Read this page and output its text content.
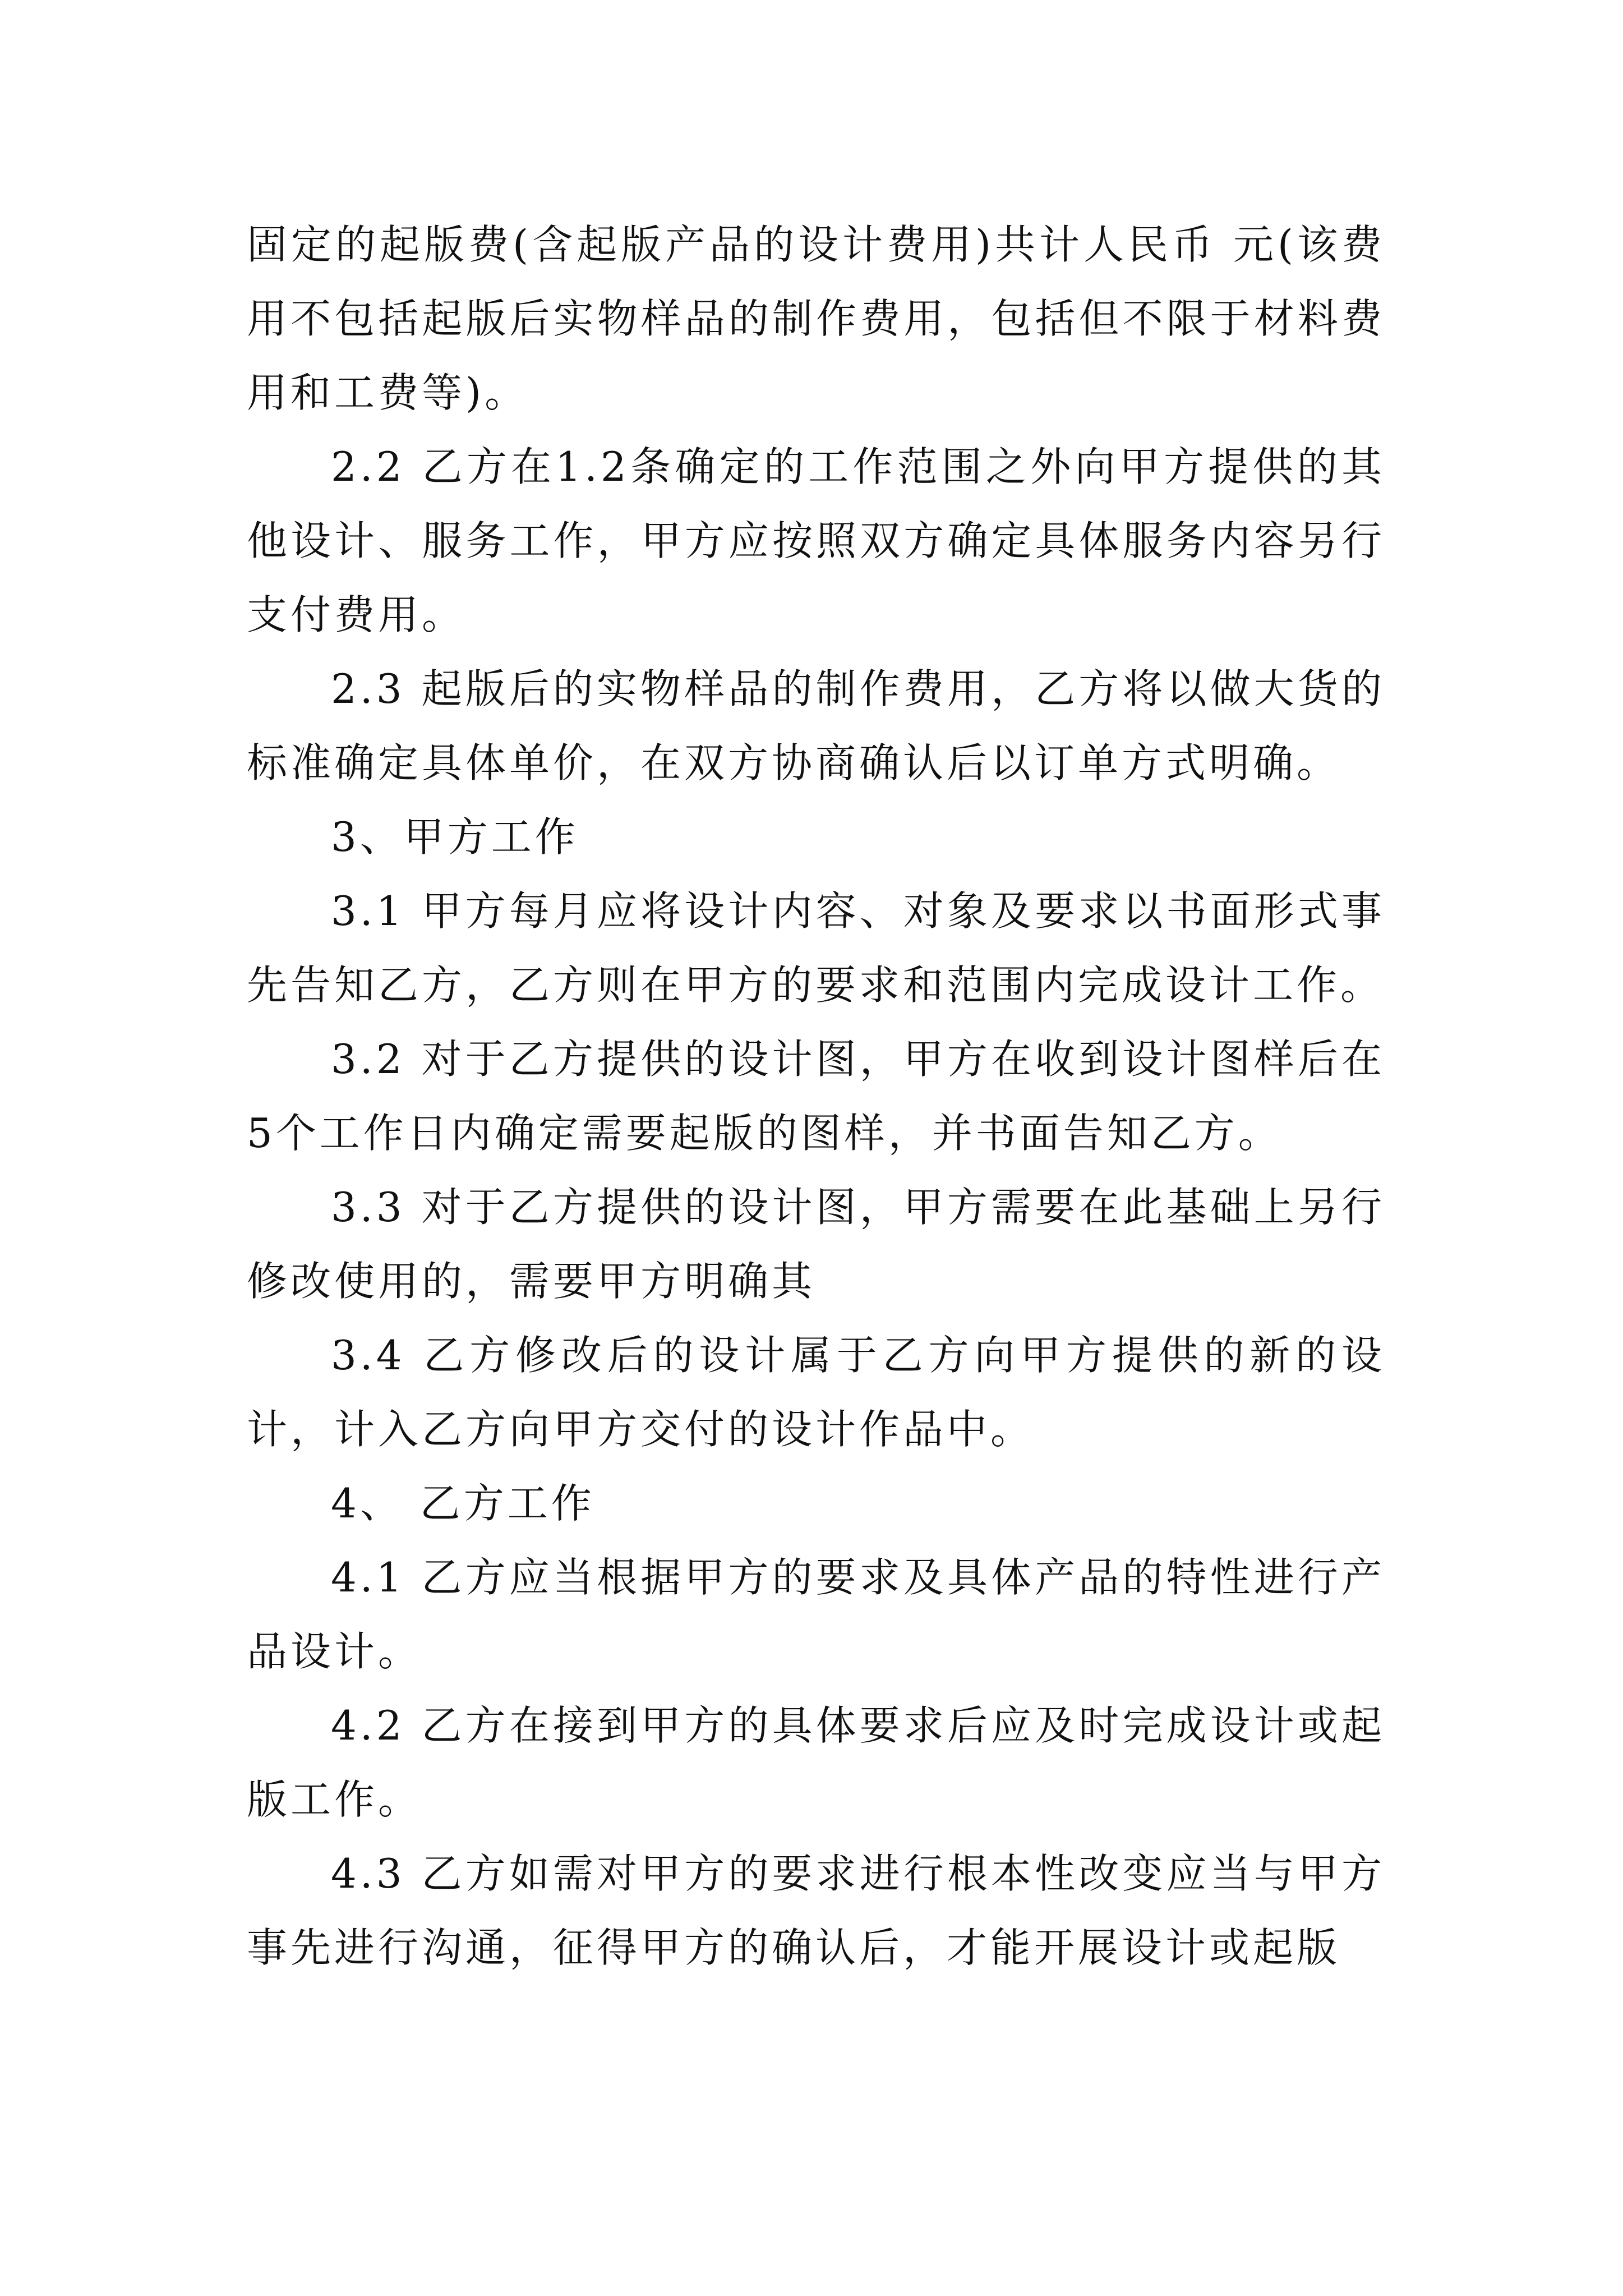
固定的起版费(含起版产品的设计费用)共计人民币 元(该费用不包括起版后实物样品的制作费用，包括但不限于材料费用和工费等)。

2.2 乙方在1.2条确定的工作范围之外向甲方提供的其他设计、服务工作，甲方应按照双方确定具体服务内容另行支付费用。

2.3 起版后的实物样品的制作费用，乙方将以做大货的标准确定具体单价，在双方协商确认后以订单方式明确。

3、甲方工作

3.1 甲方每月应将设计内容、对象及要求以书面形式事先告知乙方，乙方则在甲方的要求和范围内完成设计工作。

3.2 对于乙方提供的设计图，甲方在收到设计图样后在5个工作日内确定需要起版的图样，并书面告知乙方。

3.3 对于乙方提供的设计图，甲方需要在此基础上另行修改使用的，需要甲方明确其

3.4 乙方修改后的设计属于乙方向甲方提供的新的设计，计入乙方向甲方交付的设计作品中。

4、 乙方工作

4.1 乙方应当根据甲方的要求及具体产品的特性进行产品设计。

4.2 乙方在接到甲方的具体要求后应及时完成设计或起版工作。

4.3 乙方如需对甲方的要求进行根本性改变应当与甲方事先进行沟通，征得甲方的确认后，才能开展设计或起版
